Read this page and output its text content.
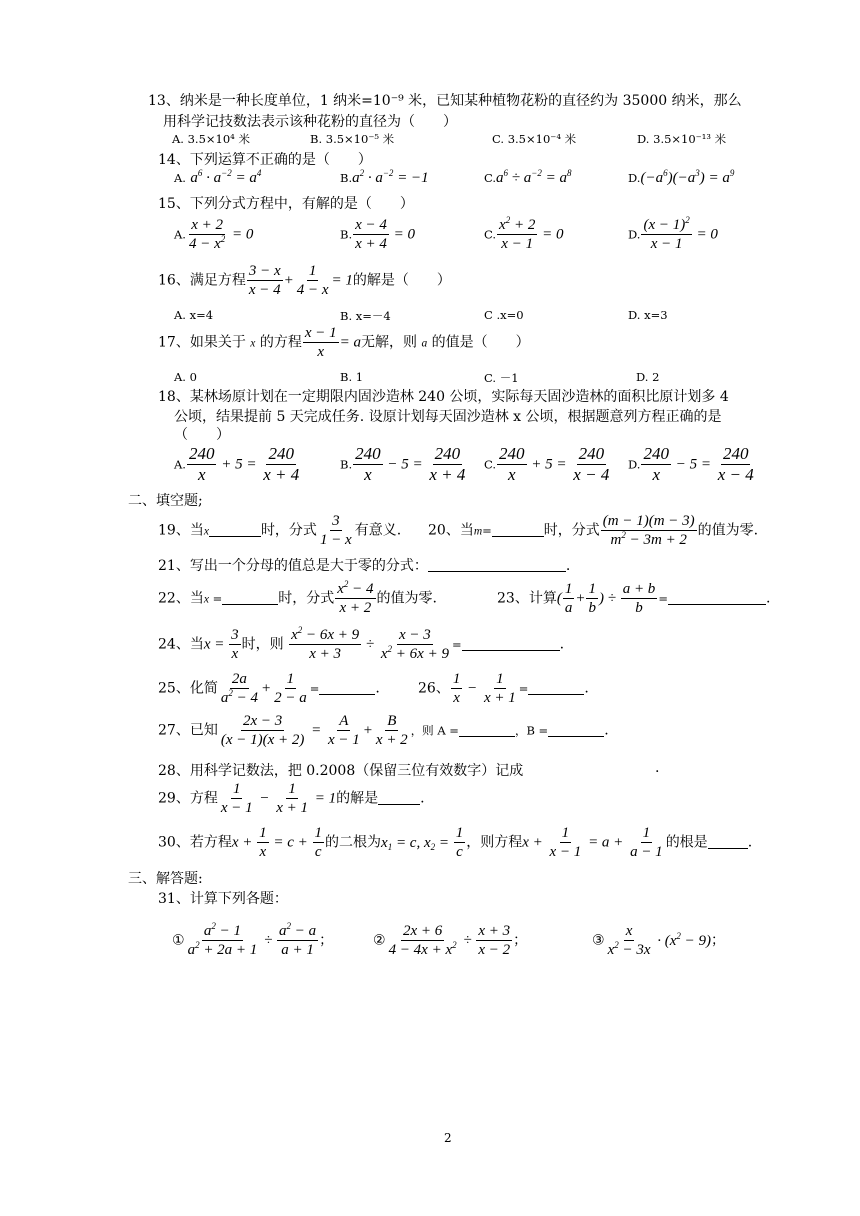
13、纳米是一种长度单位，1 纳米=10⁻⁹ 米，已知某种植物花粉的直径约为 35000 纳米，那么
用科学记技数法表示该种花粉的直径为（　　）
A. 3.5×10⁴ 米	B. 3.5×10⁻⁵ 米	C. 3.5×10⁻⁴ 米	D. 3.5×10⁻¹³ 米
14、下列运算不正确的是（　　）
A. $a^6 \cdot a^{-2} = a^4$	$B.a^2 \cdot a^{-2} = -1$	$C.a^6 \div a^{-2} = a^8$	$D.(-a^6)(-a^3) = a^9$
15、下列分式方程中，有解的是（　　）
A. $\frac{x + 2}{4 - x^2} = 0$	B. $\frac{x - 4}{x + 4} = 0$	C. $\frac{x^2 + 2}{x - 1} = 0$	D. $\frac{(x - 1)^2}{x - 1} = 0$
16、满足方程 $\frac{3 - x}{x - 4} + \frac{1}{4 - x} = 1$的解是（　　）
A. x=4	B. x=－4	C .x=0	D. x=3
17、如果关于 x 的方程 $\frac{x - 1}{x} = a$无解，则 a 的值是（　　）
A. 0	B. 1	C. －1	D. 2
18、某林场原计划在一定期限内固沙造林 240 公顷，实际每天固沙造林的面积比原计划多 4
公顷，结果提前 5 天完成任务. 设原计划每天固沙造林 x 公顷，根据题意列方程正确的是
（　　）
A. $\frac{240}{x} + 5 = \frac{240}{x + 4}$	B. $\frac{240}{x} - 5 = \frac{240}{x + 4} C$. $\frac{240}{x} + 5 = \frac{240}{x - 4} D$. $\frac{240}{x} - 5 = \frac{240}{x - 4}$
二、填空题;
19、当x	时，分式 $\frac{3}{1 - x}$ 有意义. 20、当m=	时，分式 $\frac{(m - 1)(m - 3)}{m^2 - 3m + 2}$ 的值为零.
21、写出一个分母的值总是大于零的分式：	.
22、当x =	时，分式 $\frac{x^2 - 4}{x + 2}$ 的值为零.	23、计算( $\frac{1}{a} + \frac{1}{b}$ ) ÷ $\frac{a + b}{b}$ =	.
24、当$x = \frac{3}{x}$ 时，则 $\frac{x^2 - 6x + 9}{x + 3} \div \frac{x - 3}{x^2 + 6x + 9}$ =	.
25、化简 $\frac{2a}{a^2 - 4} + \frac{1}{2 - a}$ =	.	26、 $\frac{1}{x} - \frac{1}{x + 1}$ =	.
27、已知 $\frac{2x - 3}{(x - 1)(x + 2)} = \frac{A}{x - 1} + \frac{B}{x + 2}$ ，则 A =	，B =	.
28、用科学记数法，把 0.2008（保留三位有效数字）记成	.
29、方程 $\frac{1}{x - 1} - \frac{1}{x + 1} = 1$的解是	.
30、若方程$x + \frac{1}{x} = c + \frac{1}{c}$ 的二根为$x_1 = c$, $x_2 = \frac{1}{c}$ ，则方程$x + \frac{1}{x - 1} = a + \frac{1}{a - 1}$ 的根是	.
三、解答题:
31、计算下列各题：
① $\frac{a^2 - 1}{a^2 + 2a + 1} \div \frac{a^2 - a}{a + 1}$ ；	② $\frac{2x + 6}{4 - 4x + x^2} \div \frac{x + 3}{x - 2}$ ；	③ $\frac{x}{x^2 - 3x} \cdot (x^2 - 9)$；
2
